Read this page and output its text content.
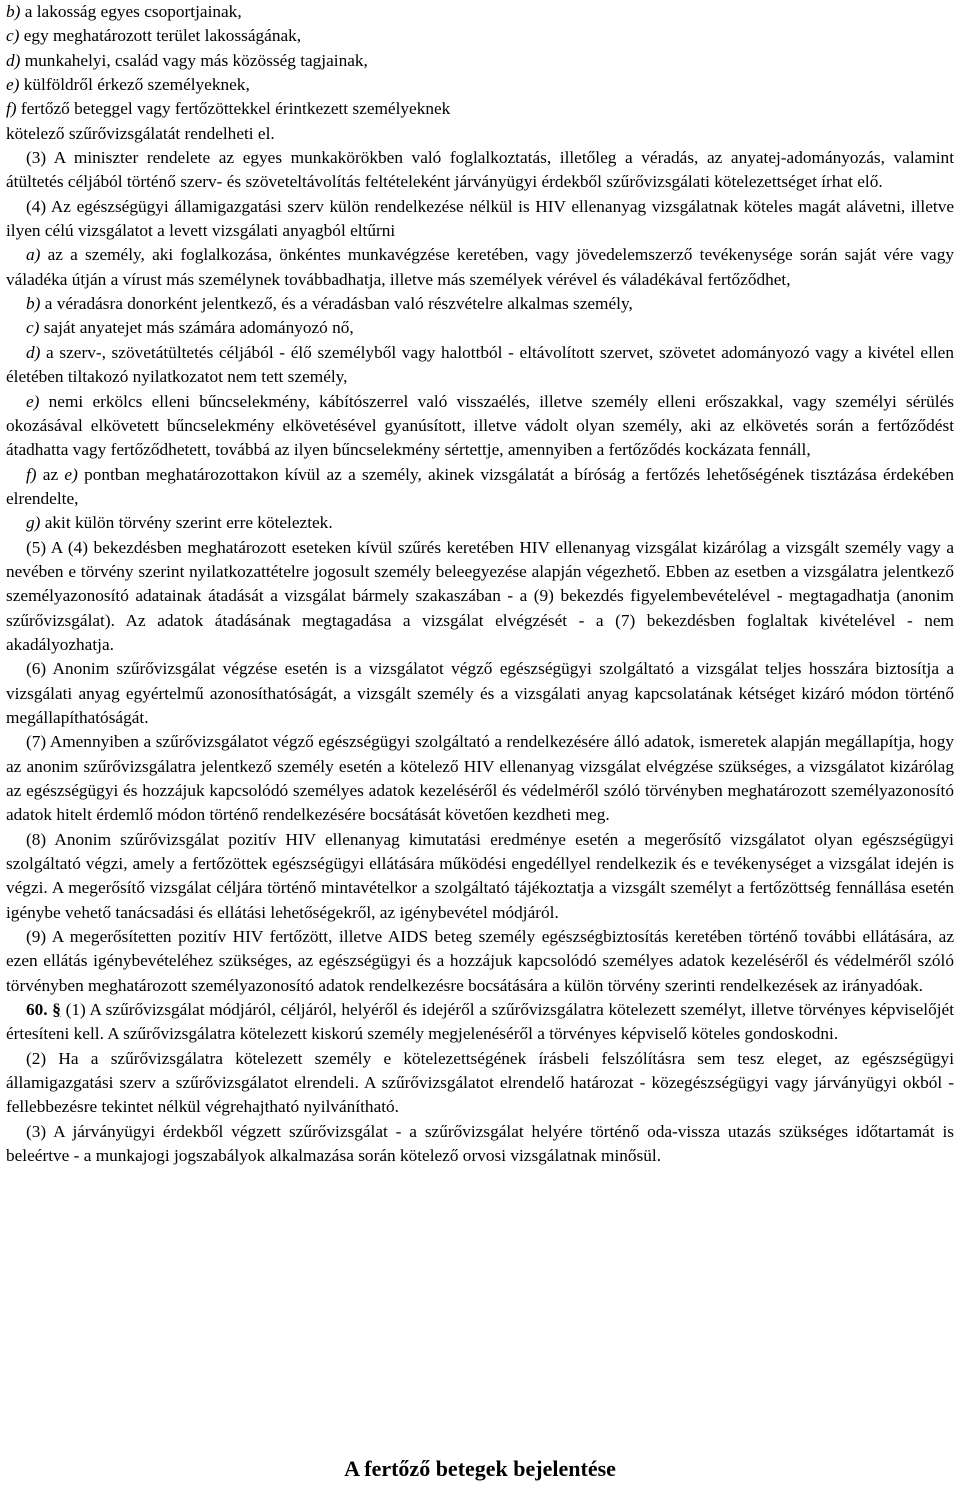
b) a lakosság egyes csoportjainak,

c) egy meghatározott terület lakosságának,

d) munkahelyi, család vagy más közösség tagjainak,

e) külföldről érkező személyeknek,

f) fertőző beteggel vagy fertőzöttekkel érintkezett személyeknek

kötelező szűrővizsgálatát rendelheti el.

(3) A miniszter rendelete az egyes munkakörökben való foglalkoztatás, illetőleg a véradás, az anyatej-adományozás, valamint átültetés céljából történő szerv- és szöveteltávolítás feltételeként járványügyi érdekből szűrővizsgálati kötelezettséget írhat elő.

(4) Az egészségügyi államigazgatási szerv külön rendelkezése nélkül is HIV ellenanyag vizsgálatnak köteles magát alávetni, illetve ilyen célú vizsgálatot a levett vizsgálati anyagból eltűrni

a) az a személy, aki foglalkozása, önkéntes munkavégzése keretében, vagy jövedelemszerző tevékenysége során saját vére vagy váladéka útján a vírust más személynek továbbadhatja, illetve más személyek vérével és váladékával fertőződhet,

b) a véradásra donorként jelentkező, és a véradásban való részvételre alkalmas személy,

c) saját anyatejet más számára adományozó nő,

d) a szerv-, szövetátültetés céljából - élő személyből vagy halottból - eltávolított szervet, szövetet adományozó vagy a kivétel ellen életében tiltakozó nyilatkozatot nem tett személy,

e) nemi erkölcs elleni bűncselekmény, kábítószerrel való visszaélés, illetve személy elleni erőszakkal, vagy személyi sérülés okozásával elkövetett bűncselekmény elkövetésével gyanúsított, illetve vádolt olyan személy, aki az elkövetés során a fertőződést átadhatta vagy fertőződhetett, továbbá az ilyen bűncselekmény sértettje, amennyiben a fertőződés kockázata fennáll,

f) az e) pontban meghatározottakon kívül az a személy, akinek vizsgálatát a bíróság a fertőzés lehetőségének tisztázása érdekében elrendelte,

g) akit külön törvény szerint erre köteleztek.

(5) A (4) bekezdésben meghatározott eseteken kívül szűrés keretében HIV ellenanyag vizsgálat kizárólag a vizsgált személy vagy a nevében e törvény szerint nyilatkozattételre jogosult személy beleegyezése alapján végezhető. Ebben az esetben a vizsgálatra jelentkező személyazonosító adatainak átadását a vizsgálat bármely szakaszában - a (9) bekezdés figyelembevételével - megtagadhatja (anonim szűrővizsgálat). Az adatok átadásának megtagadása a vizsgálat elvégzését - a (7) bekezdésben foglaltak kivételével - nem akadályozhatja.

(6) Anonim szűrővizsgálat végzése esetén is a vizsgálatot végző egészségügyi szolgáltató a vizsgálat teljes hosszára biztosítja a vizsgálati anyag egyértelmű azonosíthatóságát, a vizsgált személy és a vizsgálati anyag kapcsolatának kétséget kizáró módon történő megállapíthatóságát.

(7) Amennyiben a szűrővizsgálatot végző egészségügyi szolgáltató a rendelkezésére álló adatok, ismeretek alapján megállapítja, hogy az anonim szűrővizsgálatra jelentkező személy esetén a kötelező HIV ellenanyag vizsgálat elvégzése szükséges, a vizsgálatot kizárólag az egészségügyi és hozzájuk kapcsolódó személyes adatok kezeléséről és védelméről szóló törvényben meghatározott személyazonosító adatok hitelt érdemlő módon történő rendelkezésére bocsátását követően kezdheti meg.

(8) Anonim szűrővizsgálat pozitív HIV ellenanyag kimutatási eredménye esetén a megerősítő vizsgálatot olyan egészségügyi szolgáltató végzi, amely a fertőzöttek egészségügyi ellátására működési engedéllyel rendelkezik és e tevékenységet a vizsgálat idején is végzi. A megerősítő vizsgálat céljára történő mintavételkor a szolgáltató tájékoztatja a vizsgált személyt a fertőzöttség fennállása esetén igénybe vehető tanácsadási és ellátási lehetőségekről, az igénybevétel módjáról.

(9) A megerősítetten pozitív HIV fertőzött, illetve AIDS beteg személy egészségbiztosítás keretében történő további ellátására, az ezen ellátás igénybevételéhez szükséges, az egészségügyi és a hozzájuk kapcsolódó személyes adatok kezeléséről és védelméről szóló törvényben meghatározott személyazonosító adatok rendelkezésre bocsátására a külön törvény szerinti rendelkezések az irányadóak.

60. § (1) A szűrővizsgálat módjáról, céljáról, helyéről és idejéről a szűrővizsgálatra kötelezett személyt, illetve törvényes képviselőjét értesíteni kell. A szűrővizsgálatra kötelezett kiskorú személy megjelenéséről a törvényes képviselő köteles gondoskodni.

(2) Ha a szűrővizsgálatra kötelezett személy e kötelezettségének írásbeli felszólításra sem tesz eleget, az egészségügyi államigazgatási szerv a szűrővizsgálatot elrendeli. A szűrővizsgálatot elrendelő határozat - közegészségügyi vagy járványügyi okból - fellebbezésre tekintet nélkül végrehajtható nyilvánítható.

(3) A járványügyi érdekből végzett szűrővizsgálat - a szűrővizsgálat helyére történő oda-vissza utazás szükséges időtartamát is beleértve - a munkajogi jogszabályok alkalmazása során kötelező orvosi vizsgálatnak minősül.

A fertőző betegek bejelentése
